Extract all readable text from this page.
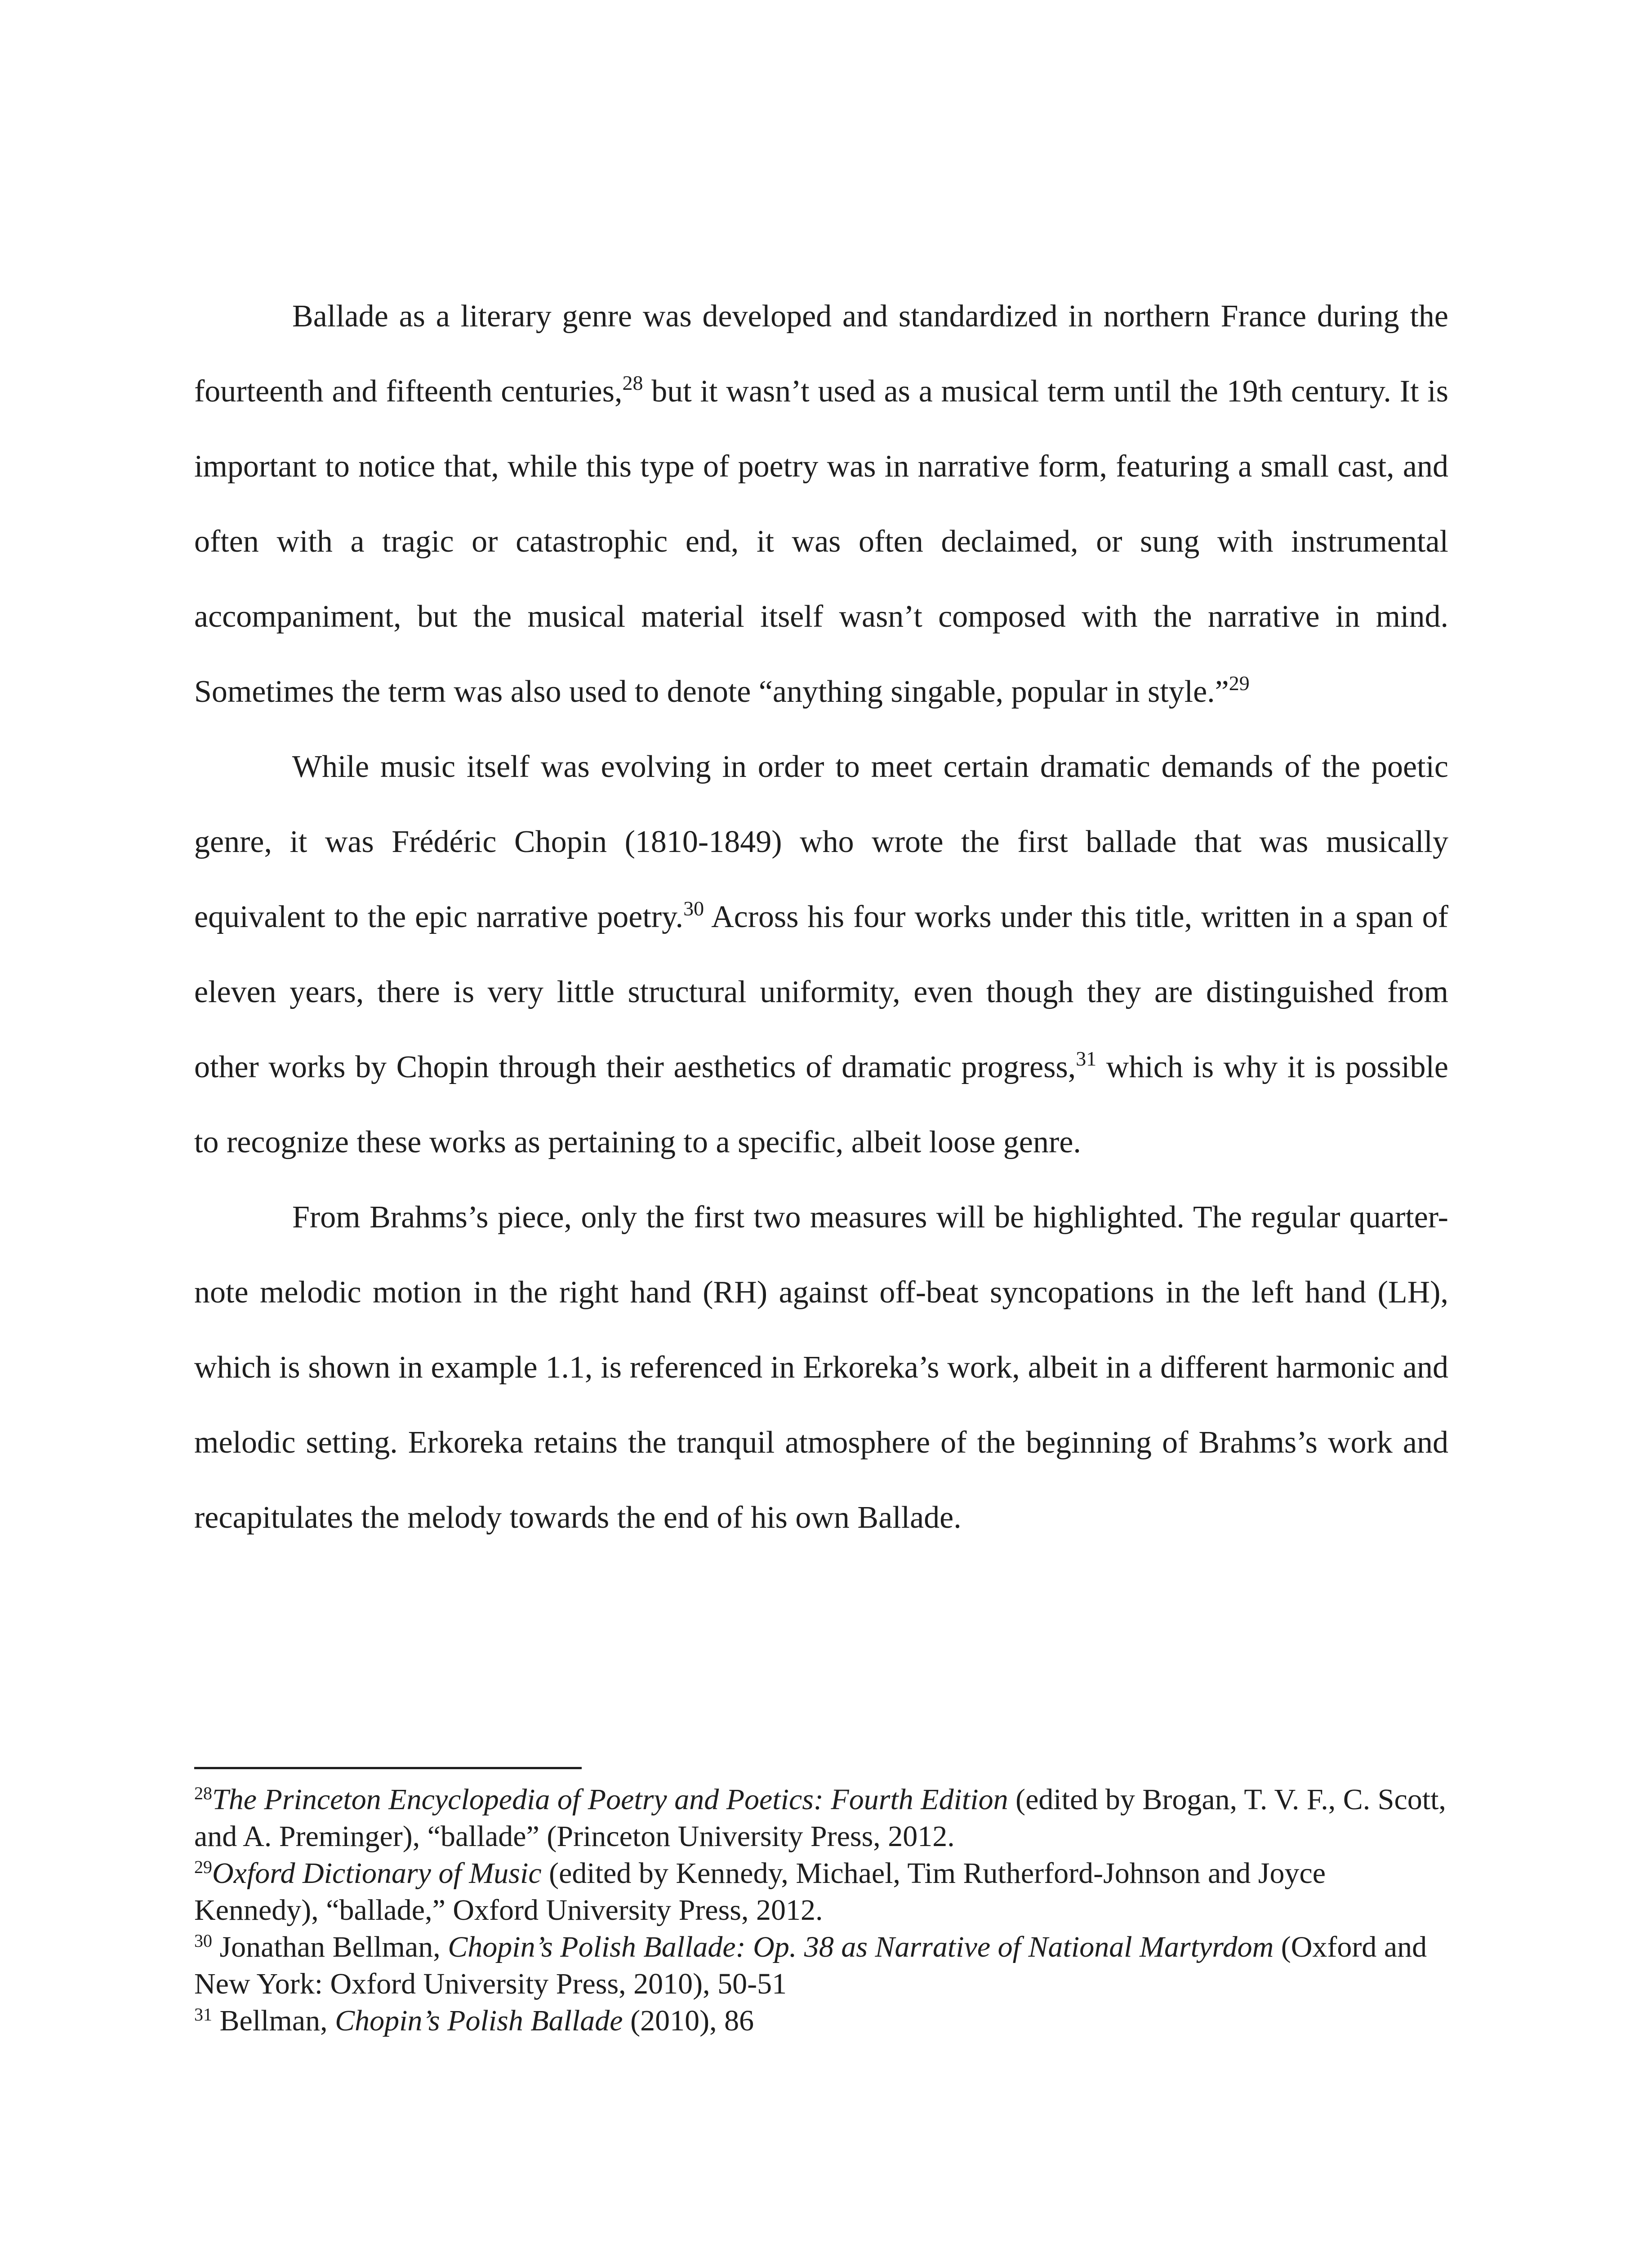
Ballade as a literary genre was developed and standardized in northern France during the fourteenth and fifteenth centuries,$^{28}$ but it wasn’t used as a musical term until the 19th century. It is important to notice that, while this type of poetry was in narrative form, featuring a small cast, and often with a tragic or catastrophic end, it was often declaimed, or sung with instrumental accompaniment, but the musical material itself wasn’t composed with the narrative in mind. Sometimes the term was also used to denote “anything singable, popular in style.”$^{29}$

While music itself was evolving in order to meet certain dramatic demands of the poetic genre, it was Frédéric Chopin (1810-1849) who wrote the first ballade that was musically equivalent to the epic narrative poetry.$^{30}$ Across his four works under this title, written in a span of eleven years, there is very little structural uniformity, even though they are distinguished from other works by Chopin through their aesthetics of dramatic progress,$^{31}$ which is why it is possible to recognize these works as pertaining to a specific, albeit loose genre.

From Brahms’s piece, only the first two measures will be highlighted. The regular quarter-note melodic motion in the right hand (RH) against off-beat syncopations in the left hand (LH), which is shown in example 1.1, is referenced in Erkoreka’s work, albeit in a different harmonic and melodic setting. Erkoreka retains the tranquil atmosphere of the beginning of Brahms’s work and recapitulates the melody towards the end of his own Ballade.

$^{28}$The Princeton Encyclopedia of Poetry and Poetics: Fourth Edition (edited by Brogan, T. V. F., C. Scott, and A. Preminger), “ballade” (Princeton University Press, 2012.

$^{29}$Oxford Dictionary of Music (edited by Kennedy, Michael, Tim Rutherford-Johnson and Joyce Kennedy), “ballade,” Oxford University Press, 2012.

$^{30}$ Jonathan Bellman, Chopin’s Polish Ballade: Op. 38 as Narrative of National Martyrdom (Oxford and New York: Oxford University Press, 2010), 50-51

$^{31}$ Bellman, Chopin’s Polish Ballade (2010), 86
